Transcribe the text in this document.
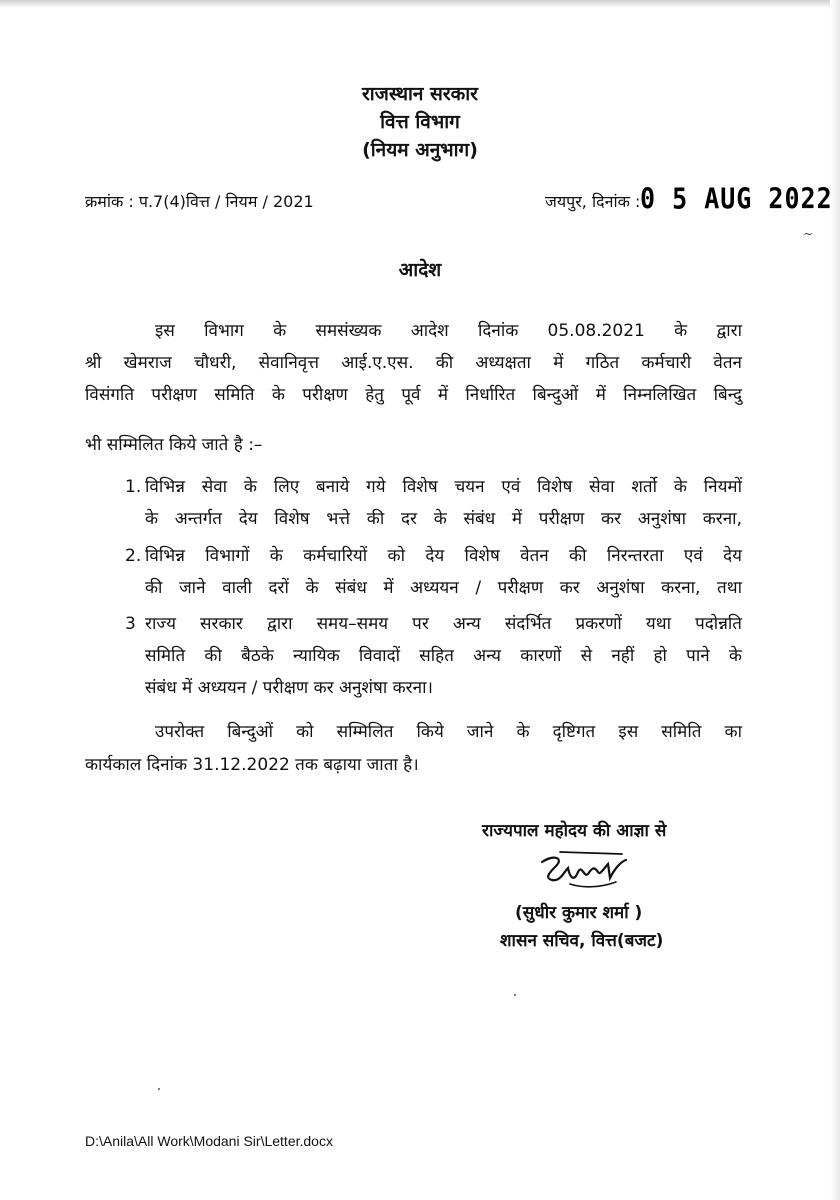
राजस्थान सरकार
वित्त विभाग
(नियम अनुभाग)
क्रमांक : प.7(4)वित्त / नियम / 2021	जयपुर, दिनांक : 0 5 AUG 2022
~
आदेश
इस विभाग के समसंख्यक आदेश दिनांक 05.08.2021 के द्वारा
श्री खेमराज चौधरी, सेवानिवृत्त आई.ए.एस. की अध्यक्षता में गठित कर्मचारी वेतन
विसंगति परीक्षण समिति के परीक्षण हेतु पूर्व में निर्धारित बिन्दुओं में निम्नलिखित बिन्दु
भी सम्मिलित किये जाते है :–
1. विभिन्न सेवा के लिए बनाये गये विशेष चयन एवं विशेष सेवा शर्तो के नियमों
के अन्तर्गत देय विशेष भत्ते की दर के संबंध में परीक्षण कर अनुशंषा करना,
2. विभिन्न विभागों के कर्मचारियों को देय विशेष वेतन की निरन्तरता एवं देय
की जाने वाली दरों के संबंध में अध्ययन / परीक्षण कर अनुशंषा करना, तथा
3 राज्य सरकार द्वारा समय–समय पर अन्य संदर्भित प्रकरणों यथा पदोन्नति
समिति की बैठके न्यायिक विवादों सहित अन्य कारणों से नहीं हो पाने के
संबंध में अध्ययन / परीक्षण कर अनुशंषा करना।
उपरोक्त बिन्दुओं को सम्मिलित किये जाने के दृष्टिगत इस समिति का
कार्यकाल दिनांक 31.12.2022 तक बढ़ाया जाता है।
राज्यपाल महोदय की आज्ञा से
(सुधीर कुमार शर्मा )
शासन सचिव, वित्त(बजट)
D:\Anila\All Work\Modani Sir\Letter.docx
